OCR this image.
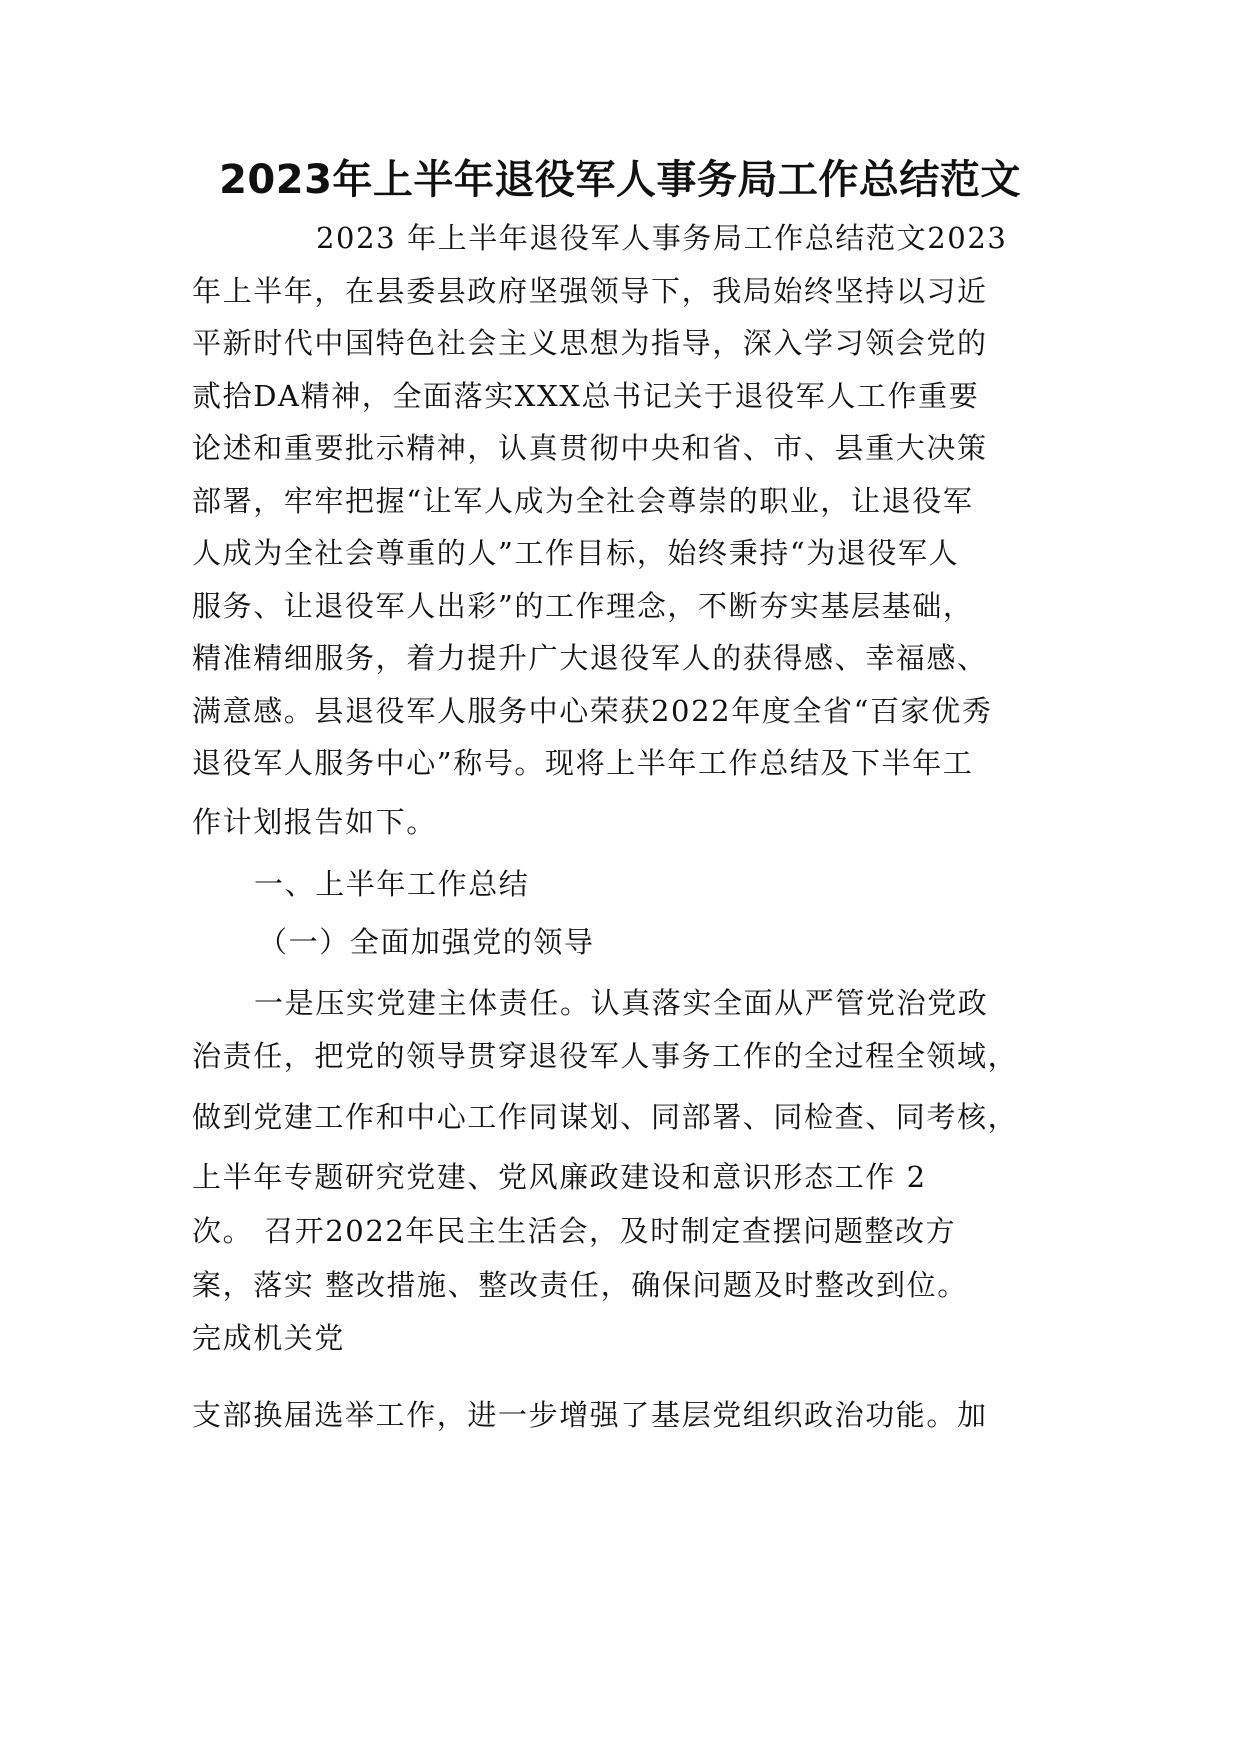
2023年上半年退役军人事务局工作总结范文
2023 年上半年退役军人事务局工作总结范文2023
年上半年，在县委县政府坚强领导下，我局始终坚持以习近
平新时代中国特色社会主义思想为指导，深入学习领会党的
贰拾DA精神，全面落实XXX总书记关于退役军人工作重要
论述和重要批示精神，认真贯彻中央和省、市、县重大决策
部署，牢牢把握“让军人成为全社会尊崇的职业，让退役军
人成为全社会尊重的人”工作目标，始终秉持“为退役军人
服务、让退役军人出彩”的工作理念，不断夯实基层基础，
精准精细服务，着力提升广大退役军人的获得感、幸福感、
满意感。县退役军人服务中心荣获2022年度全省“百家优秀
退役军人服务中心”称号。现将上半年工作总结及下半年工
作计划报告如下。
一、上半年工作总结
（一）全面加强党的领导
一是压实党建主体责任。认真落实全面从严管党治党政
治责任，把党的领导贯穿退役军人事务工作的全过程全领域，
做到党建工作和中心工作同谋划、同部署、同检查、同考核，
上半年专题研究党建、党风廉政建设和意识形态工作 2
次。 召开2022年民主生活会，及时制定查摆问题整改方
案，落实 整改措施、整改责任，确保问题及时整改到位。
完成机关党
支部换届选举工作，进一步增强了基层党组织政治功能。加
